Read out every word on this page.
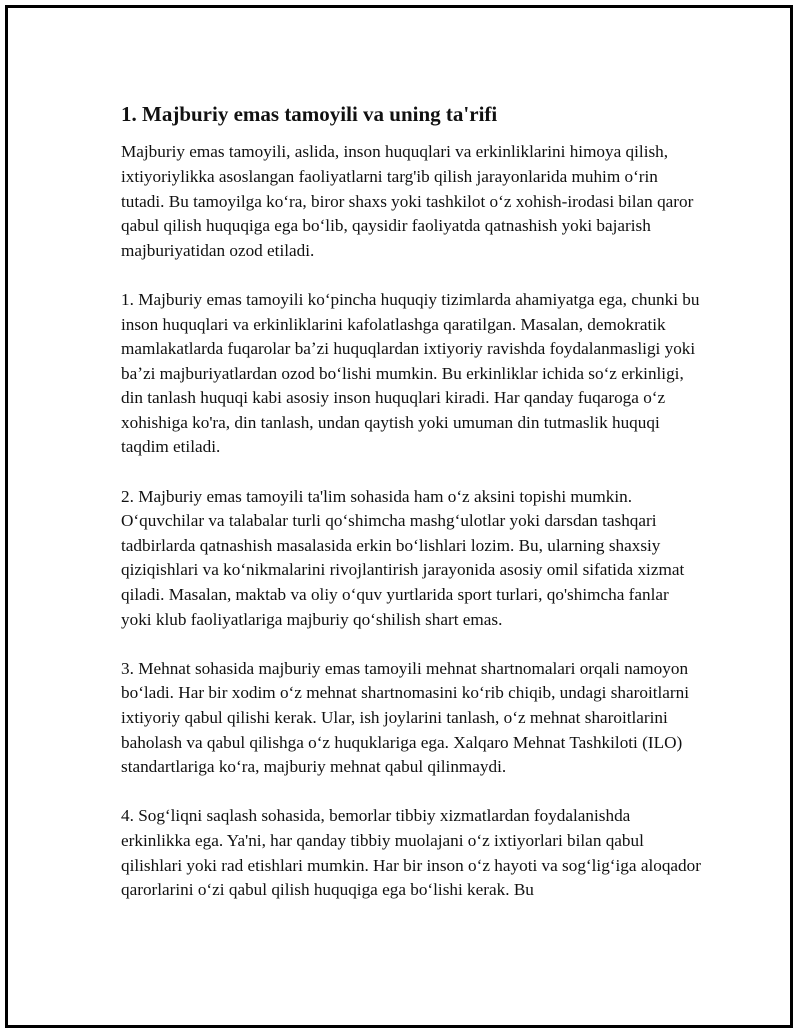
1. Majburiy emas tamoyili va uning ta'rifi

Majburiy emas tamoyili, aslida, inson huquqlari va erkinliklarini himoya qilish, ixtiyoriylikka asoslangan faoliyatlarni targ'ib qilish jarayonlarida muhim oʻrin tutadi. Bu tamoyilga koʻra, biror shaxs yoki tashkilot oʻz xohish-irodasi bilan qaror qabul qilish huquqiga ega boʻlib, qaysidir faoliyatda qatnashish yoki bajarish majburiyatidan ozod etiladi.

1. Majburiy emas tamoyili koʻpincha huquqiy tizimlarda ahamiyatga ega, chunki bu inson huquqlari va erkinliklarini kafolatlashga qaratilgan. Masalan, demokratik mamlakatlarda fuqarolar baʼzi huquqlardan ixtiyoriy ravishda foydalanmasligi yoki baʼzi majburiyatlardan ozod boʻlishi mumkin. Bu erkinliklar ichida soʻz erkinligi, din tanlash huquqi kabi asosiy inson huquqlari kiradi. Har qanday fuqaroga oʻz xohishiga ko'ra, din tanlash, undan qaytish yoki umuman din tutmaslik huquqi taqdim etiladi.

2. Majburiy emas tamoyili ta'lim sohasida ham oʻz aksini topishi mumkin. Oʻquvchilar va talabalar turli qoʻshimcha mashgʻulotlar yoki darsdan tashqari tadbirlarda qatnashish masalasida erkin boʻlishlari lozim. Bu, ularning shaxsiy qiziqishlari va koʻnikmalarini rivojlantirish jarayonida asosiy omil sifatida xizmat qiladi. Masalan, maktab va oliy oʻquv yurtlarida sport turlari, qo'shimcha fanlar yoki klub faoliyatlariga majburiy qoʻshilish shart emas.

3. Mehnat sohasida majburiy emas tamoyili mehnat shartnomalari orqali namoyon boʻladi. Har bir xodim oʻz mehnat shartnomasini koʻrib chiqib, undagi sharoitlarni ixtiyoriy qabul qilishi kerak. Ular, ish joylarini tanlash, oʻz mehnat sharoitlarini baholash va qabul qilishga oʻz huquklariga ega. Xalqaro Mehnat Tashkiloti (ILO) standartlariga koʻra, majburiy mehnat qabul qilinmaydi.

4. Sogʻliqni saqlash sohasida, bemorlar tibbiy xizmatlardan foydalanishda erkinlikka ega. Ya'ni, har qanday tibbiy muolajani oʻz ixtiyorlari bilan qabul qilishlari yoki rad etishlari mumkin. Har bir inson oʻz hayoti va sogʻligʻiga aloqador qarorlarini oʻzi qabul qilish huquqiga ega boʻlishi kerak. Bu
